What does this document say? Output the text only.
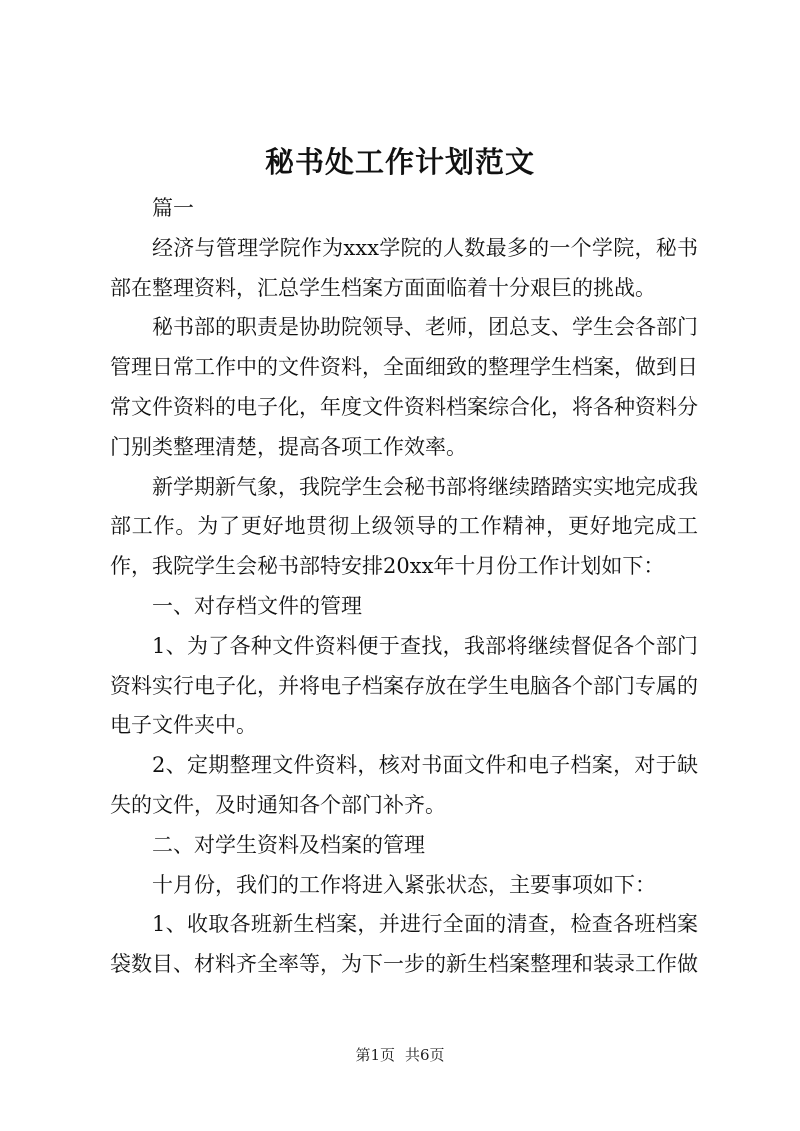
秘书处工作计划范文

篇一

经济与管理学院作为xxx学院的人数最多的一个学院，秘书部在整理资料，汇总学生档案方面面临着十分艰巨的挑战。

秘书部的职责是协助院领导、老师，团总支、学生会各部门管理日常工作中的文件资料，全面细致的整理学生档案，做到日常文件资料的电子化，年度文件资料档案综合化，将各种资料分门别类整理清楚，提高各项工作效率。

新学期新气象，我院学生会秘书部将继续踏踏实实地完成我部工作。为了更好地贯彻上级领导的工作精神，更好地完成工作，我院学生会秘书部特安排20xx年十月份工作计划如下：

一、对存档文件的管理

1、为了各种文件资料便于查找，我部将继续督促各个部门资料实行电子化，并将电子档案存放在学生电脑各个部门专属的电子文件夹中。

2、定期整理文件资料，核对书面文件和电子档案，对于缺失的文件，及时通知各个部门补齐。

二、对学生资料及档案的管理

十月份，我们的工作将进入紧张状态，主要事项如下：

1、收取各班新生档案，并进行全面的清查，检查各班档案袋数目、材料齐全率等，为下一步的新生档案整理和装录工作做

第1页 共6页
